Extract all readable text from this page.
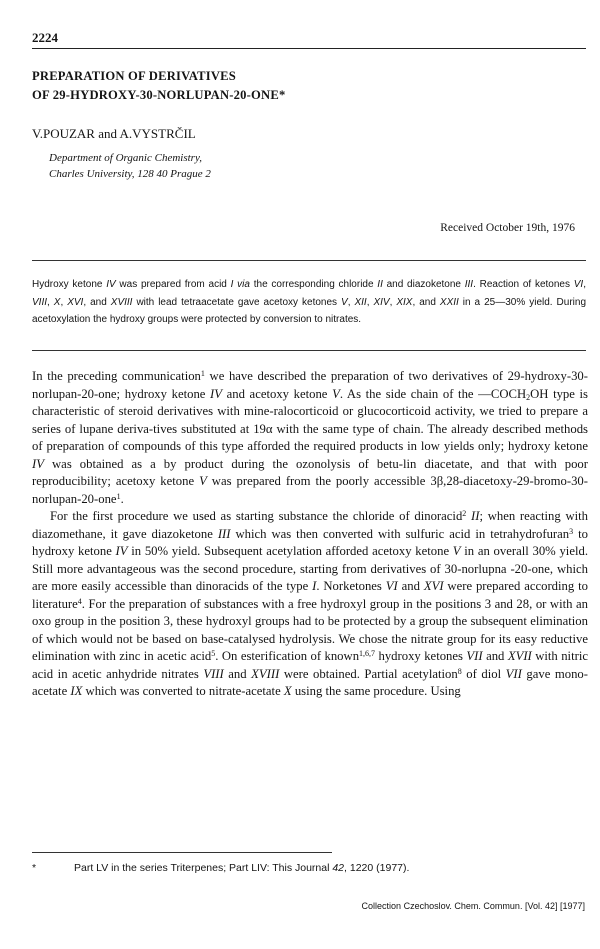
2224
PREPARATION OF DERIVATIVES
OF 29-HYDROXY-30-NORLUPAN-20-ONE*
V.POUZAR and A.VYSTRČIL
Department of Organic Chemistry,
Charles University, 128 40 Prague 2
Received October 19th, 1976
Hydroxy ketone IV was prepared from acid I via the corresponding chloride II and diazoketone III. Reaction of ketones VI, VIII, X, XVI, and XVIII with lead tetraacetate gave acetoxy ketones V, XII, XIV, XIX, and XXII in a 25—30% yield. During acetoxylation the hydroxy groups were protected by conversion to nitrates.

In the preceding communication$^1$ we have described the preparation of two derivatives of 29-hydroxy-30-norlupan-20-one; hydroxy ketone IV and acetoxy ketone V. As the side chain of the $—COCH_2OH$ type is characteristic of steroid derivatives with mine-ralocorticoid or glucocorticoid activity, we tried to prepare a series of lupane deriva-tives substituted at 19α with the same type of chain. The already described methods of preparation of compounds of this type afforded the required products in low yields only; hydroxy ketone IV was obtained as a by product during the ozonolysis of betu-lin diacetate, and that with poor reproducibility; acetoxy ketone V was prepared from the poorly accessible 3β,28-diacetoxy-29-bromo-30-norlupan-20-one$^1$.

For the first procedure we used as starting substance the chloride of dinoracid$^2$ II; when reacting with diazomethane, it gave diazoketone III which was then converted with sulfuric acid in tetrahydrofuran$^3$ to hydroxy ketone IV in 50% yield. Subsequent acetylation afforded acetoxy ketone V in an overall 30% yield. Still more advantageous was the second procedure, starting from derivatives of 30-norlupna -20-one, which are more easily accessible than dinoracids of the type I. Norketones VI and XVI were prepared according to literature$^4$. For the preparation of substances with a free hydroxyl group in the positions 3 and 28, or with an oxo group in the position 3, these hydroxyl groups had to be protected by a group the subsequent elimination of which would not be based on base-catalysed hydrolysis. We chose the nitrate group for its easy reductive elimination with zinc in acetic acid$^5$. On esterification of known$^{1,6,7}$ hydroxy ketones VII and XVII with nitric acid in acetic anhydride nitrates VIII and XVIII were obtained. Partial acetylation$^8$ of diol VII gave mono-acetate IX which was converted to nitrate-acetate X using the same procedure. Using

*	Part LV in the series Triterpenes; Part LIV: This Journal 42, 1220 (1977).
Collection Czechoslov. Chem. Commun. [Vol. 42] [1977]
